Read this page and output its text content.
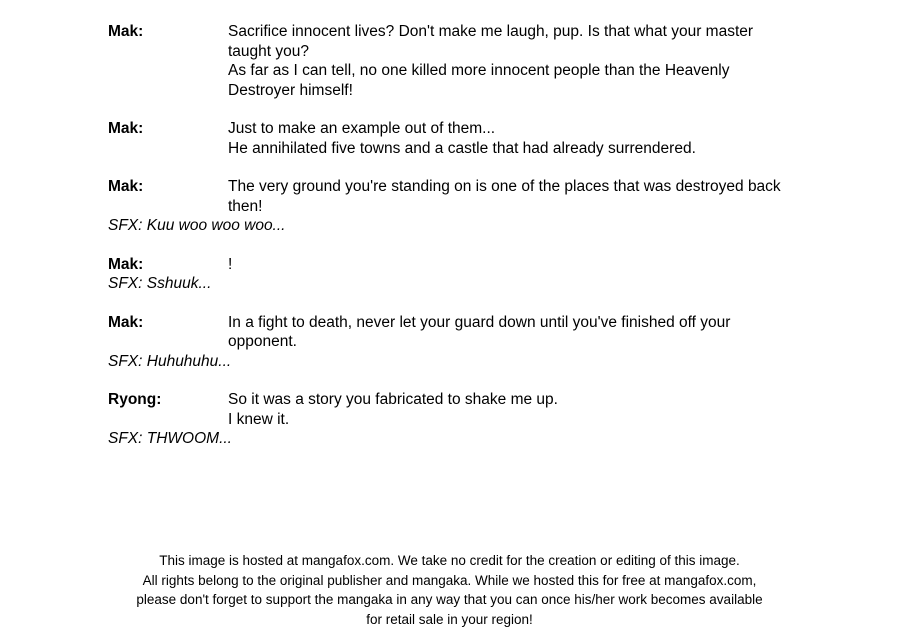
Mak:	Sacrifice innocent lives? Don't make me laugh, pup. Is that what your master taught you?
As far as I can tell, no one killed more innocent people than the Heavenly Destroyer himself!
Mak:	Just to make an example out of them...
He annihilated five towns and a castle that had already surrendered.
Mak:	The very ground you're standing on is one of the places that was destroyed back then!
SFX: Kuu woo woo woo...
Mak:	!
SFX: Sshuuk...
Mak:	In a fight to death, never let your guard down until you've finished off your opponent.
SFX: Huhuhuhu...
Ryong:	So it was a story you fabricated to shake me up.
I knew it.
SFX: THWOOM...
This image is hosted at mangafox.com. We take no credit for the creation or editing of this image.
All rights belong to the original publisher and mangaka. While we hosted this for free at mangafox.com,
please don't forget to support the mangaka in any way that you can once his/her work becomes available
for retail sale in your region!
